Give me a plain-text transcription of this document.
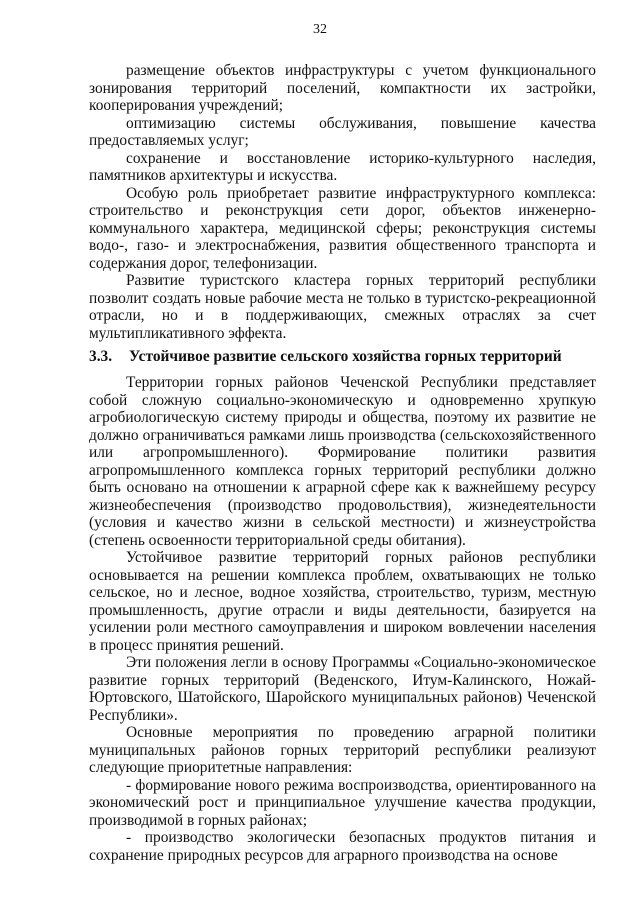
32

размещение объектов инфраструктуры с учетом функционального зонирования территорий поселений, компактности их застройки, кооперирования учреждений;

оптимизацию системы обслуживания, повышение качества предоставляемых услуг;

сохранение и восстановление историко-культурного наследия, памятников архитектуры и искусства.

Особую роль приобретает развитие инфраструктурного комплекса: строительство и реконструкция сети дорог, объектов инженерно-коммунального характера, медицинской сферы; реконструкция системы водо-, газо- и электроснабжения, развития общественного транспорта и содержания дорог, телефонизации.

Развитие туристского кластера горных территорий республики позволит создать новые рабочие места не только в туристско-рекреационной отрасли, но и в поддерживающих, смежных отраслях за счет мультипликативного эффекта.

3.3.	Устойчивое развитие сельского хозяйства горных территорий

Территории горных районов Чеченской Республики представляет собой сложную социально-экономическую и одновременно хрупкую агробиологическую систему природы и общества, поэтому их развитие не должно ограничиваться рамками лишь производства (сельскохозяйственного или агропромышленного). Формирование политики развития агропромышленного комплекса горных территорий республики должно быть основано на отношении к аграрной сфере как к важнейшему ресурсу жизнеобеспечения (производство продовольствия), жизнедеятельности (условия и качество жизни в сельской местности) и жизнеустройства (степень освоенности территориальной среды обитания).

Устойчивое развитие территорий горных районов республики основывается на решении комплекса проблем, охватывающих не только сельское, но и лесное, водное хозяйства, строительство, туризм, местную промышленность, другие отрасли и виды деятельности, базируется на усилении роли местного самоуправления и широком вовлечении населения в процесс принятия решений.

Эти положения легли в основу Программы «Социально-экономическое развитие горных территорий (Веденского, Итум-Калинского, Ножай-Юртовского, Шатойского, Шаройского муниципальных районов) Чеченской Республики».

Основные мероприятия по проведению аграрной политики муниципальных районов горных территорий республики реализуют следующие приоритетные направления:

- формирование нового режима воспроизводства, ориентированного на экономический рост и принципиальное улучшение качества продукции, производимой в горных районах;

- производство экологически безопасных продуктов питания и сохранение природных ресурсов для аграрного производства на основе
